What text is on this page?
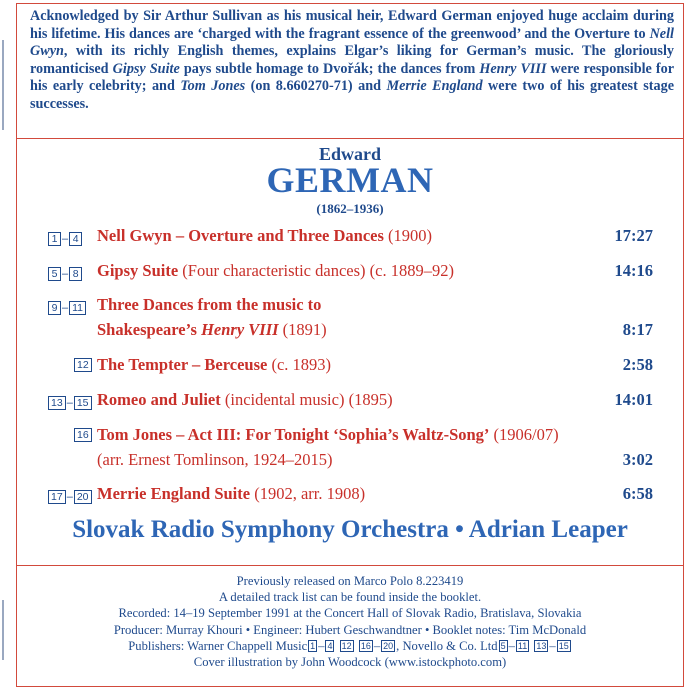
Acknowledged by Sir Arthur Sullivan as his musical heir, Edward German enjoyed huge acclaim during his lifetime. His dances are ‘charged with the fragrant essence of the greenwood’ and the Overture to Nell Gwyn, with its richly English themes, explains Elgar’s liking for German’s music. The gloriously romanticised Gipsy Suite pays subtle homage to Dvořák; the dances from Henry VIII were responsible for his early celebrity; and Tom Jones (on 8.660270-71) and Merrie England were two of his greatest stage successes.
Edward
GERMAN
(1862–1936)
1 – 4 Nell Gwyn – Overture and Three Dances (1900)	17:27
5 – 8 Gipsy Suite (Four characteristic dances) (c. 1889–92)	14:16
9 – 11 Three Dances from the music to
Shakespeare’s Henry VIII (1891)	8:17
12 The Tempter – Berceuse (c. 1893)	2:58
13 – 15 Romeo and Juliet (incidental music) (1895)	14:01
16 Tom Jones – Act III: For Tonight ‘Sophia’s Waltz-Song’ (1906/07)
(arr. Ernest Tomlinson, 1924–2015)	3:02
17 – 20 Merrie England Suite (1902, arr. 1908)	6:58
Slovak Radio Symphony Orchestra • Adrian Leaper
Previously released on Marco Polo 8.223419
A detailed track list can be found inside the booklet.
Recorded: 14–19 September 1991 at the Concert Hall of Slovak Radio, Bratislava, Slovakia
Producer: Murray Khouri • Engineer: Hubert Geschwandtner • Booklet notes: Tim McDonald
Publishers: Warner Chappell Music 1 – 4
12
16 – 20 , Novello & Co. Ltd 5 – 11
13 – 15
Cover illustration by John Woodcock (www.istockphoto.com)
